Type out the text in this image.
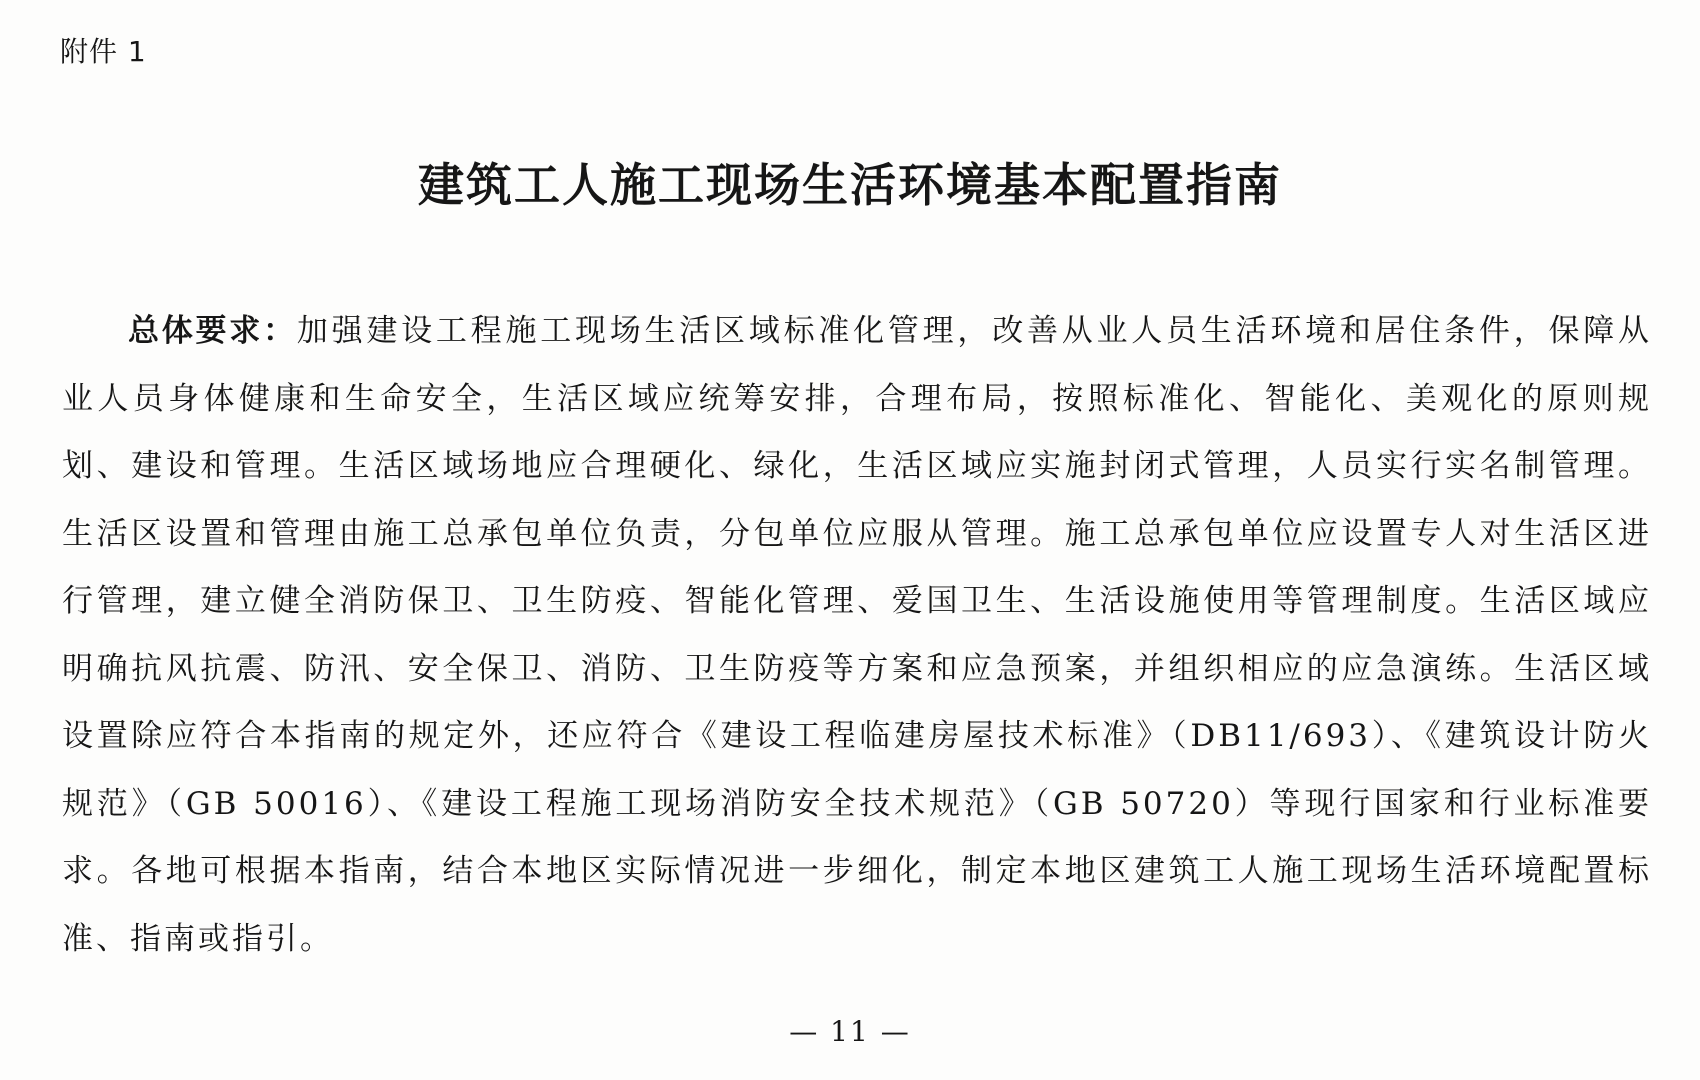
附件 1
建筑工人施工现场生活环境基本配置指南

总体要求：加强建设工程施工现场生活区域标准化管理，改善从业人员生活环境和居住条件，保障从业人员身体健康和生命安全，生活区域应统筹安排，合理布局，按照标准化、智能化、美观化的原则规划、建设和管理。生活区域场地应合理硬化、绿化，生活区域应实施封闭式管理，人员实行实名制管理。生活区设置和管理由施工总承包单位负责，分包单位应服从管理。施工总承包单位应设置专人对生活区进行管理，建立健全消防保卫、卫生防疫、智能化管理、爱国卫生、生活设施使用等管理制度。生活区域应明确抗风抗震、防汛、安全保卫、消防、卫生防疫等方案和应急预案，并组织相应的应急演练。生活区域设置除应符合本指南的规定外，还应符合《建设工程临建房屋技术标准》（DB11/693）、《建筑设计防火规范》（GB 50016）、《建设工程施工现场消防安全技术规范》（GB 50720）等现行国家和行业标准要求。各地可根据本指南，结合本地区实际情况进一步细化，制定本地区建筑工人施工现场生活环境配置标准、指南或指引。

— 11 —
